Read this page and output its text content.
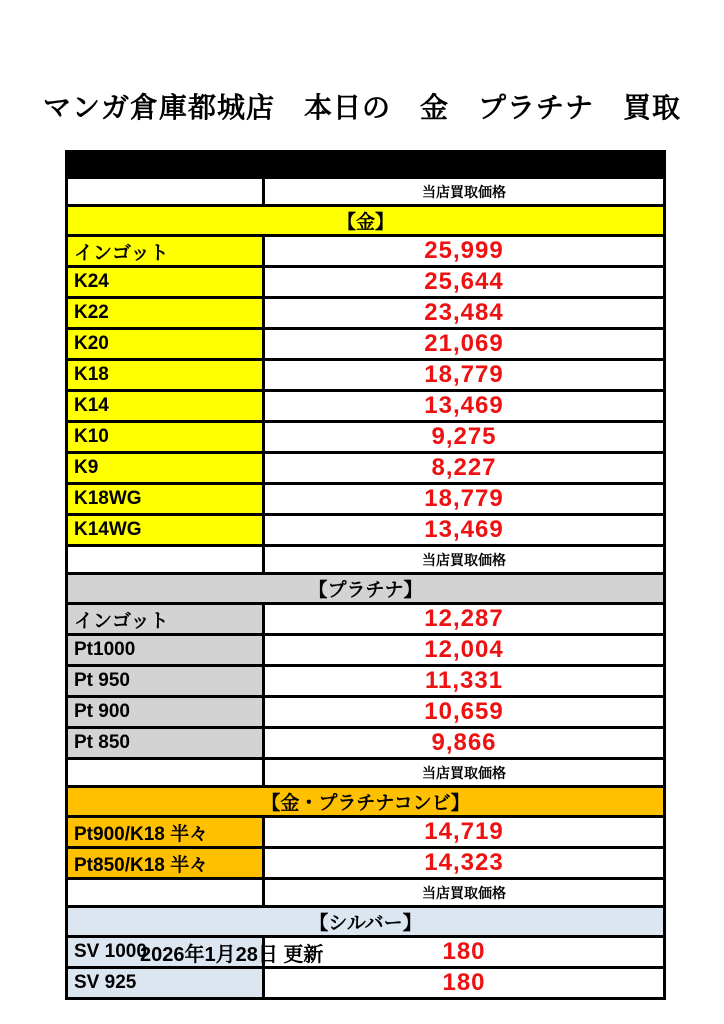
マンガ倉庫都城店　本日の　金　プラチナ　買取

	当店買取価格
【金】	
インゴット	25,999
K24	25,644
K22	23,484
K20	21,069
K18	18,779
K14	13,469
K10	9,275
K9	8,227
K18WG	18,779
K14WG	13,469
	当店買取価格
【プラチナ】	
インゴット	12,287
Pt1000	12,004
Pt 950	11,331
Pt 900	10,659
Pt 850	9,866
	当店買取価格
【金・プラチナコンビ】	
Pt900/K18 半々	14,719
Pt850/K18 半々	14,323
	当店買取価格
【シルバー】	
SV 1000	180
SV 925	180
2026年1月28日 更新
